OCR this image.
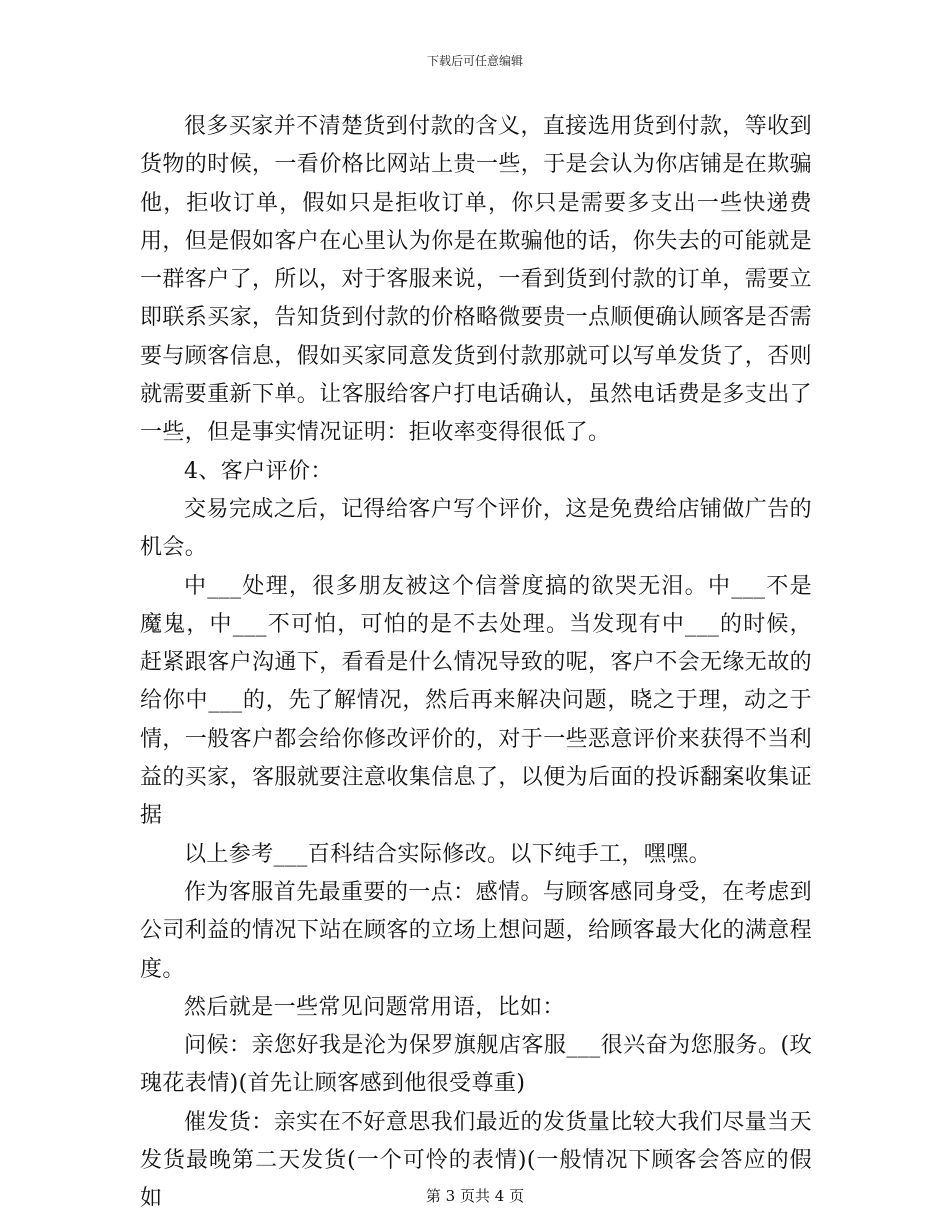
下载后可任意编辑

很多买家并不清楚货到付款的含义，直接选用货到付款，等收到货物的时候，一看价格比网站上贵一些，于是会认为你店铺是在欺骗他，拒收订单，假如只是拒收订单，你只是需要多支出一些快递费用，但是假如客户在心里认为你是在欺骗他的话，你失去的可能就是一群客户了，所以，对于客服来说，一看到货到付款的订单，需要立即联系买家，告知货到付款的价格略微要贵一点顺便确认顾客是否需要与顾客信息，假如买家同意发货到付款那就可以写单发货了，否则就需要重新下单。让客服给客户打电话确认，虽然电话费是多支出了一些，但是事实情况证明：拒收率变得很低了。

4、客户评价：

交易完成之后，记得给客户写个评价，这是免费给店铺做广告的机会。

中___处理，很多朋友被这个信誉度搞的欲哭无泪。中___不是魔鬼，中___不可怕，可怕的是不去处理。当发现有中___的时候，赶紧跟客户沟通下，看看是什么情况导致的呢，客户不会无缘无故的给你中___的，先了解情况，然后再来解决问题，晓之于理，动之于情，一般客户都会给你修改评价的，对于一些恶意评价来获得不当利益的买家，客服就要注意收集信息了，以便为后面的投诉翻案收集证据

以上参考___百科结合实际修改。以下纯手工，嘿嘿。

作为客服首先最重要的一点：感情。与顾客感同身受，在考虑到公司利益的情况下站在顾客的立场上想问题，给顾客最大化的满意程度。

然后就是一些常见问题常用语，比如：

问候：亲您好我是沦为保罗旗舰店客服___很兴奋为您服务。(玫瑰花表情)(首先让顾客感到他很受尊重)

催发货：亲实在不好意思我们最近的发货量比较大我们尽量当天发货最晚第二天发货(一个可怜的表情)(一般情况下顾客会答应的假如	第 3 页共 4 页
